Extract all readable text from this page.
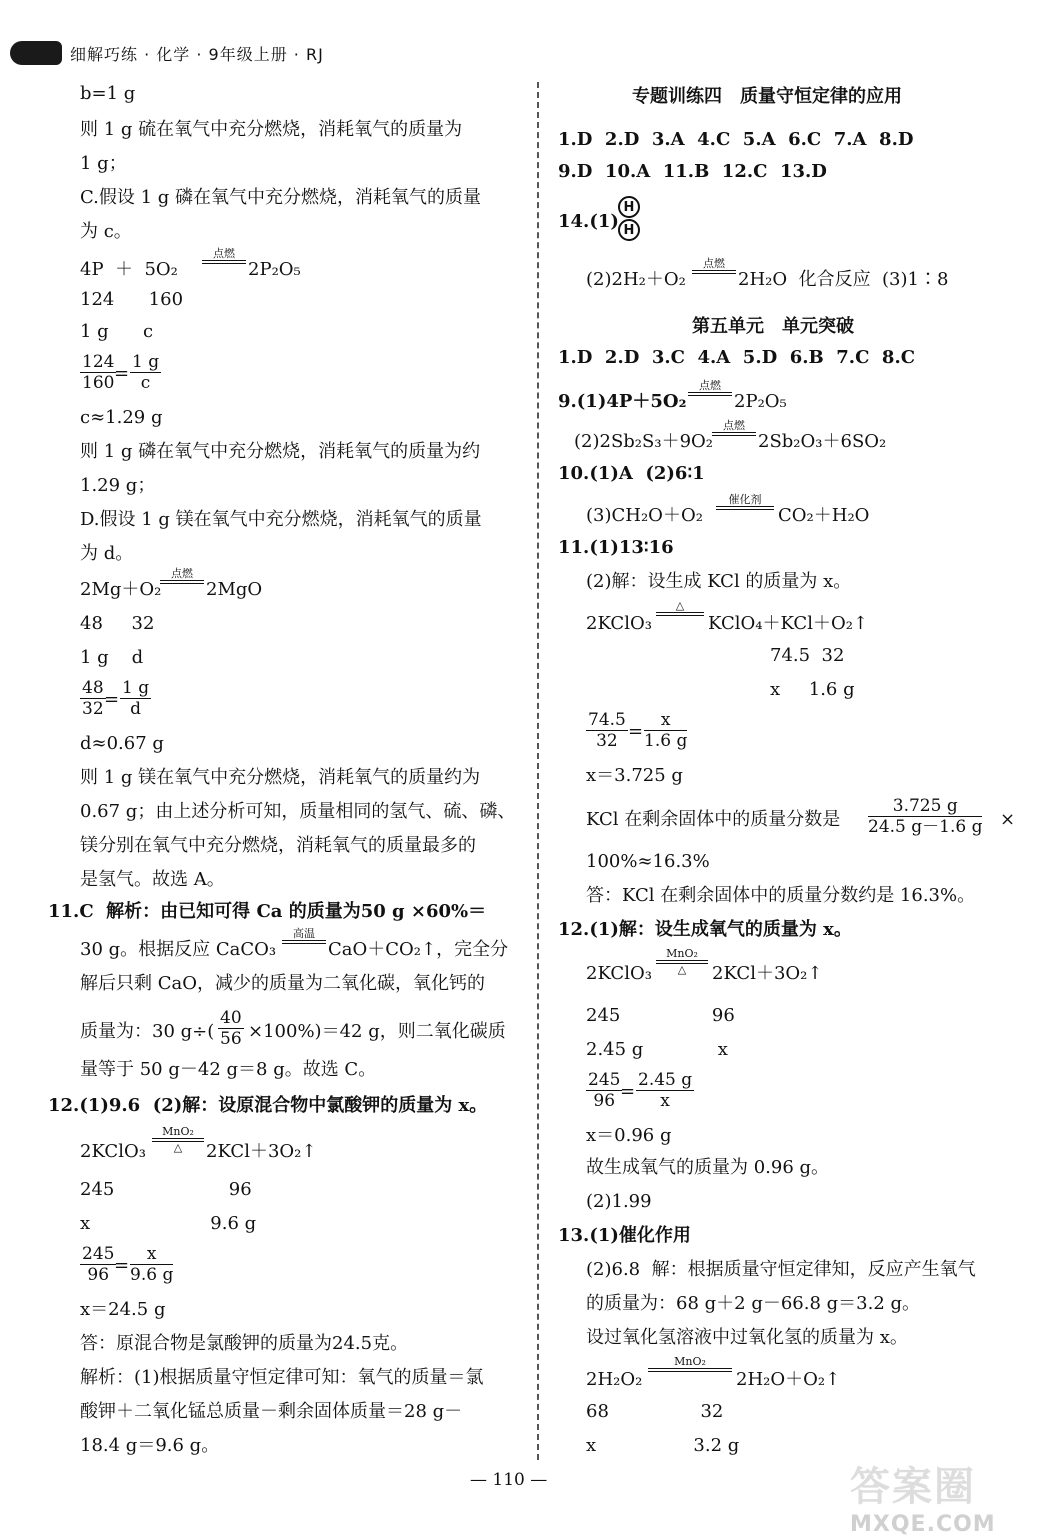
细解巧练 · 化学 · 9年级上册 · RJ
b=1 g
则 1 g 硫在氧气中充分燃烧，消耗氧气的质量为
1 g；
C.假设 1 g 磷在氧气中充分燃烧，消耗氧气的质量
为 c。
4P  ＋  5O₂
点燃
2P₂O₅
124      160
1 g      c
$\frac{124}{160}$
= $\frac{1 g}{c}$
c≈1.29 g
则 1 g 磷在氧气中充分燃烧，消耗氧气的质量为约
1.29 g；
D.假设 1 g 镁在氧气中充分燃烧，消耗氧气的质量
为 d。
2Mg＋O₂
点燃
2MgO
48     32
1 g    d
$\frac{48}{32}$
= $\frac{1 g}{d}$
d≈0.67 g
则 1 g 镁在氧气中充分燃烧，消耗氧气的质量约为
0.67 g；由上述分析可知，质量相同的氢气、硫、磷、
镁分别在氧气中充分燃烧，消耗氧气的质量最多的
是氢气。故选 A。
11.C  解析：由已知可得 Ca 的质量为50 g ×60%＝
30 g。根据反应 CaCO₃
高温
CaO＋CO₂↑，完全分
解后只剩 CaO，减少的质量为二氧化碳，氧化钙的
质量为：30 $g\div( \frac{40}{56} \times 100\%)=42$ g，则二氧化碳质
量等于 50 g－42 g＝8 g。故选 C。
12.(1)9.6  (2)解：设原混合物中氯酸钾的质量为 x。
2KClO₃
MnO₂
△	2KCl＋3O₂↑
245                    96
x                     9.6 g
$\frac{245}{96}$
= $\frac{x}{9.6 g}$
x＝24.5 g
答：原混合物是氯酸钾的质量为24.5克。
解析：(1)根据质量守恒定律可知：氧气的质量＝氯
酸钾＋二氧化锰总质量－剩余固体质量＝28 g－
18.4 g＝9.6 g。
专题训练四　质量守恒定律的应用
1.D  2.D  3.A  4.C  5.A  6.C  7.A  8.D
9.D  10.A  11.B  12.C  13.D
14.(1)
H
H
(2)2H₂＋O₂
点燃
2H₂O  化合反应  (3)1∶8
第五单元　单元突破
1.D  2.D  3.C  4.A  5.D  6.B  7.C  8.C
9.(1)4P＋5O₂
点燃
2P₂O₅
(2)2Sb₂S₃＋9O₂
点燃
2Sb₂O₃＋6SO₂
10.(1)A  (2)6∶1
(3)CH₂O＋O₂
催化剂
CO₂＋H₂O
11.(1)13∶16
(2)解：设生成 KCl 的质量为 x。
2KClO₃
△
KClO₄＋KCl＋O₂↑
74.5  32
x     1.6 g
$\frac{74.5}{32} = \frac{x}{1.6 g}$
x＝3.725 g
KCl 在剩余固体中的质量分数是 $\frac{3.725 g}{24.5 g-1.6 g}$ ×
100%≈16.3%
答：KCl 在剩余固体中的质量分数约是 16.3%。
12.(1)解：设生成氧气的质量为 x。
2KClO₃
MnO₂
△	2KCl＋3O₂↑
245                96
2.45 g             x
$\frac{245}{96}$
= $\frac{2.45 g}{x}$
x＝0.96 g
故生成氧气的质量为 0.96 g。
(2)1.99
13.(1)催化作用
(2)6.8  解：根据质量守恒定律知，反应产生氧气
的质量为：68 g＋2 g－66.8 g＝3.2 g。
设过氧化氢溶液中过氧化氢的质量为 x。
2H₂O₂
MnO₂
2H₂O＋O₂↑
68                32
x                 3.2 g
— 110 —	答案圈
MXQE.COM
